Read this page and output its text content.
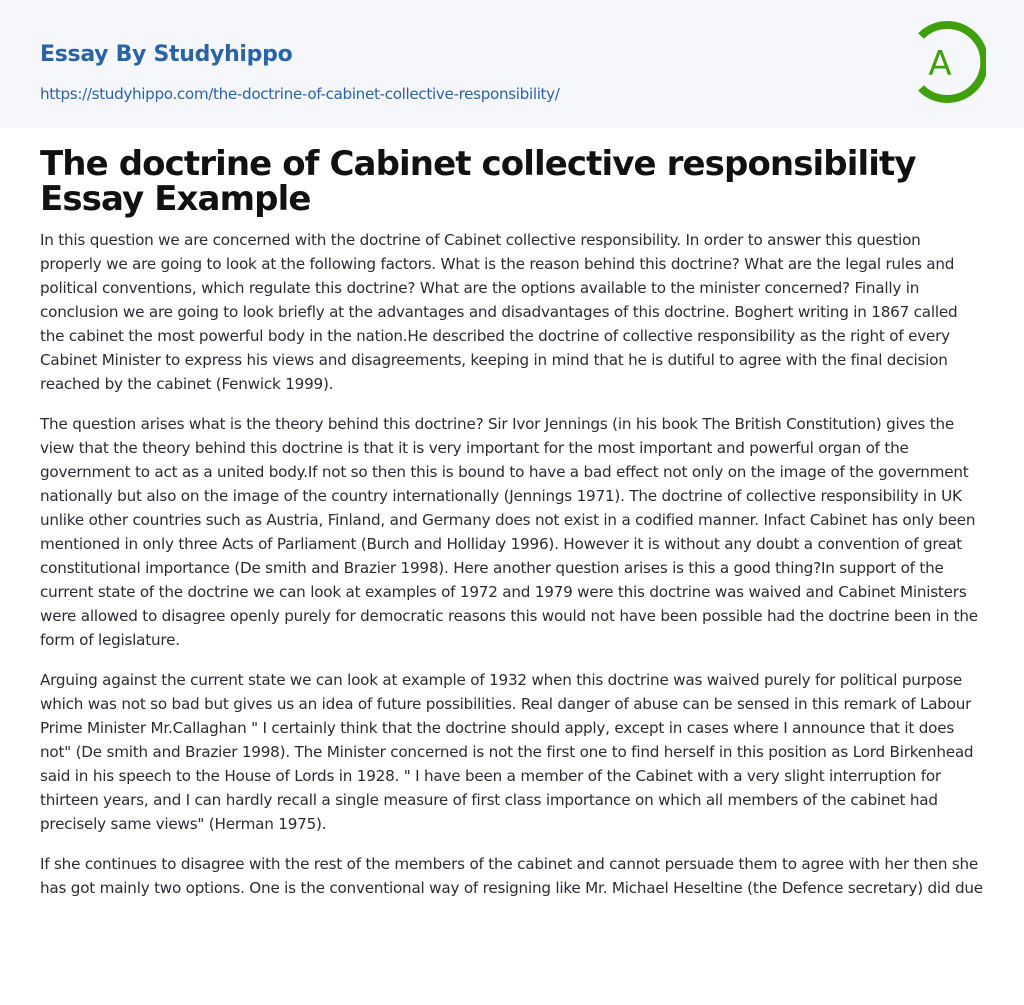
Essay By Studyhippo
https://studyhippo.com/the-doctrine-of-cabinet-collective-responsibility/
A
The doctrine of Cabinet collective responsibility Essay Example

In this question we are concerned with the doctrine of Cabinet collective responsibility. In order to answer this question properly we are going to look at the following factors. What is the reason behind this doctrine? What are the legal rules and political conventions, which regulate this doctrine? What are the options available to the minister concerned? Finally in conclusion we are going to look briefly at the advantages and disadvantages of this doctrine. Boghert writing in 1867 called the cabinet the most powerful body in the nation.He described the doctrine of collective responsibility as the right of every Cabinet Minister to express his views and disagreements, keeping in mind that he is dutiful to agree with the final decision reached by the cabinet (Fenwick 1999).

The question arises what is the theory behind this doctrine? Sir Ivor Jennings (in his book The British Constitution) gives the view that the theory behind this doctrine is that it is very important for the most important and powerful organ of the government to act as a united body.If not so then this is bound to have a bad effect not only on the image of the government nationally but also on the image of the country internationally (Jennings 1971). The doctrine of collective responsibility in UK unlike other countries such as Austria, Finland, and Germany does not exist in a codified manner. Infact Cabinet has only been mentioned in only three Acts of Parliament (Burch and Holliday 1996). However it is without any doubt a convention of great constitutional importance (De smith and Brazier 1998). Here another question arises is this a good thing?In support of the current state of the doctrine we can look at examples of 1972 and 1979 were this doctrine was waived and Cabinet Ministers were allowed to disagree openly purely for democratic reasons this would not have been possible had the doctrine been in the form of legislature.

Arguing against the current state we can look at example of 1932 when this doctrine was waived purely for political purpose which was not so bad but gives us an idea of future possibilities. Real danger of abuse can be sensed in this remark of Labour Prime Minister Mr.Callaghan " I certainly think that the doctrine should apply, except in cases where I announce that it does not" (De smith and Brazier 1998). The Minister concerned is not the first one to find herself in this position as Lord Birkenhead said in his speech to the House of Lords in 1928. " I have been a member of the Cabinet with a very slight interruption for thirteen years, and I can hardly recall a single measure of first class importance on which all members of the cabinet had precisely same views" (Herman 1975).

If she continues to disagree with the rest of the members of the cabinet and cannot persuade them to agree with her then she has got mainly two options. One is the conventional way of resigning like Mr. Michael Heseltine (the Defence secretary) did due
